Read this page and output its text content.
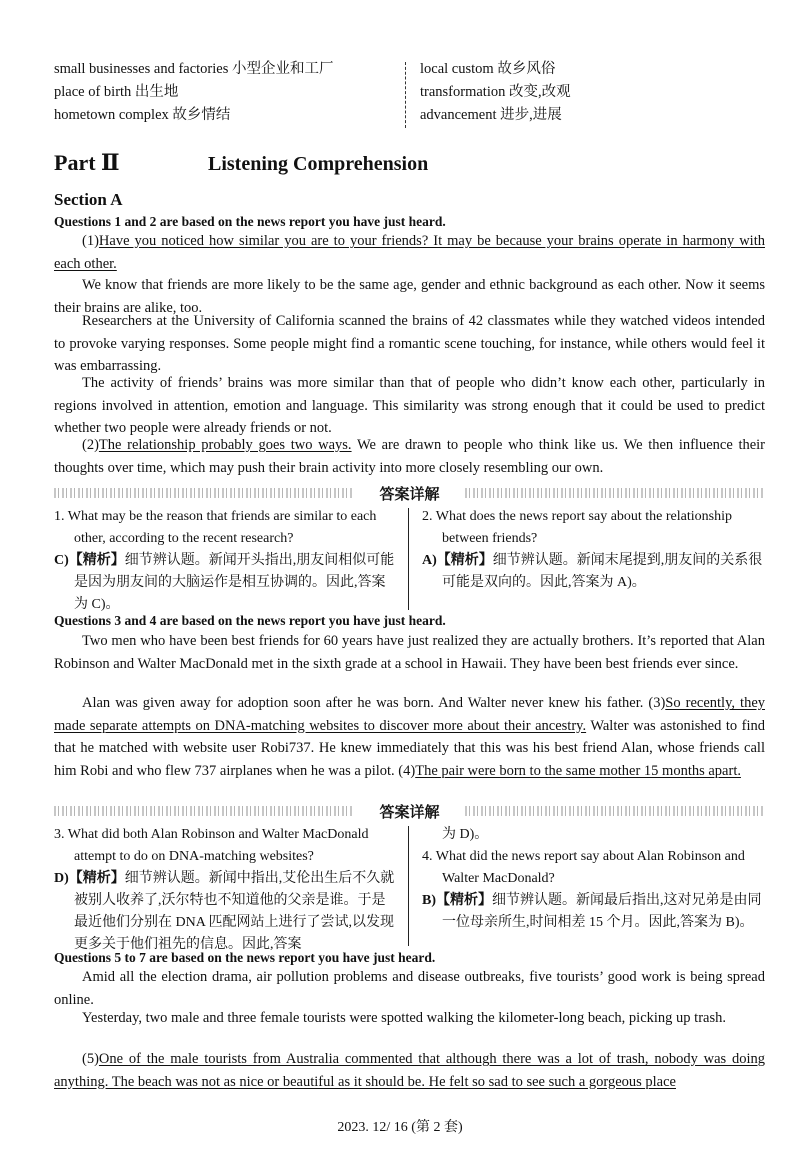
small businesses and factories 小型企业和工厂
place of birth 出生地
hometown complex 故乡情结
local custom 故乡风俗
transformation 改变,改观
advancement 进步,进展
Part Ⅱ	Listening Comprehension
Section A
Questions 1 and 2 are based on the news report you have just heard.
(1)Have you noticed how similar you are to your friends? It may be because your brains operate in harmony with each other.
We know that friends are more likely to be the same age, gender and ethnic background as each other. Now it seems their brains are alike, too.
Researchers at the University of California scanned the brains of 42 classmates while they watched videos intended to provoke varying responses. Some people might find a romantic scene touching, for instance, while others would feel it was embarrassing.
The activity of friends’ brains was more similar than that of people who didn’t know each other, particularly in regions involved in attention, emotion and language. This similarity was strong enough that it could be used to predict whether two people were already friends or not.
(2)The relationship probably goes two ways. We are drawn to people who think like us. We then influence their thoughts over time, which may push their brain activity into more closely resembling our own.
答案详解
1. What may be the reason that friends are similar to each other, according to the recent research?
C)【精析】细节辨认题。新闻开头指出,朋友间相似可能是因为朋友间的大脑运作是相互协调的。因此,答案为 C)。
2. What does the news report say about the relationship between friends?
A)【精析】细节辨认题。新闻末尾提到,朋友间的关系很可能是双向的。因此,答案为 A)。
Questions 3 and 4 are based on the news report you have just heard.
Two men who have been best friends for 60 years have just realized they are actually brothers. It’s reported that Alan Robinson and Walter MacDonald met in the sixth grade at a school in Hawaii. They have been best friends ever since.
Alan was given away for adoption soon after he was born. And Walter never knew his father. (3)So recently, they made separate attempts on DNA-matching websites to discover more about their ancestry. Walter was astonished to find that he matched with website user Robi737. He knew immediately that this was his best friend Alan, whose friends call him Robi and who flew 737 airplanes when he was a pilot. (4)The pair were born to the same mother 15 months apart.
答案详解
3. What did both Alan Robinson and Walter MacDonald attempt to do on DNA-matching websites?
D)【精析】细节辨认题。新闻中指出,艾伦出生后不久就被别人收养了,沃尔特也不知道他的父亲是谁。于是最近他们分别在 DNA 匹配网站上进行了尝试,以发现更多关于他们祖先的信息。因此,答案
为 D)。
4. What did the news report say about Alan Robinson and Walter MacDonald?
B)【精析】细节辨认题。新闻最后指出,这对兄弟是由同一位母亲所生,时间相差 15 个月。因此,答案为 B)。
Questions 5 to 7 are based on the news report you have just heard.
Amid all the election drama, air pollution problems and disease outbreaks, five tourists’ good work is being spread online.
Yesterday, two male and three female tourists were spotted walking the kilometer-long beach, picking up trash.
(5)One of the male tourists from Australia commented that although there was a lot of trash, nobody was doing anything. The beach was not as nice or beautiful as it should be. He felt so sad to see such a gorgeous place
2023. 12/ 16 (第 2 套)
